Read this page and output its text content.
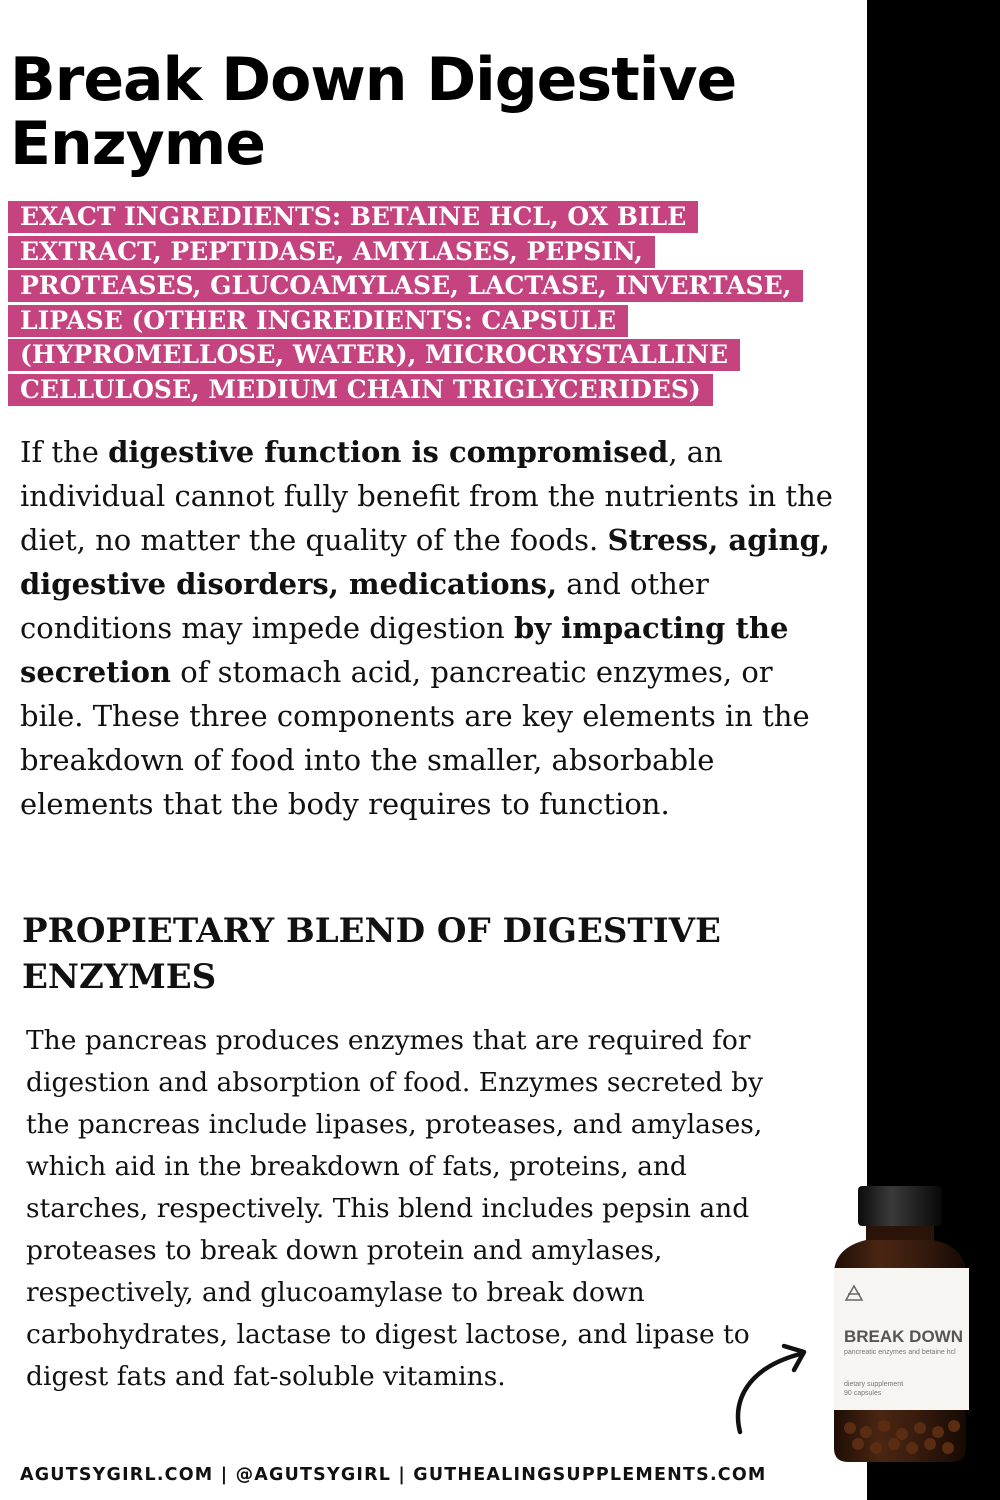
Break Down Digestive
Enzyme
EXACT INGREDIENTS: BETAINE HCL, OX BILE
EXTRACT, PEPTIDASE, AMYLASES, PEPSIN,
PROTEASES, GLUCOAMYLASE, LACTASE, INVERTASE,
LIPASE (OTHER INGREDIENTS: CAPSULE
(HYPROMELLOSE, WATER), MICROCRYSTALLINE
CELLULOSE, MEDIUM CHAIN TRIGLYCERIDES)

If the digestive function is compromised, an individual cannot fully benefit from the nutrients in the diet, no matter the quality of the foods. Stress, aging, digestive disorders, medications, and other conditions may impede digestion by impacting the secretion of stomach acid, pancreatic enzymes, or bile. These three components are key elements in the breakdown of food into the smaller, absorbable elements that the body requires to function.

PROPIETARY BLEND OF DIGESTIVE ENZYMES

The pancreas produces enzymes that are required for digestion and absorption of food. Enzymes secreted by the pancreas include lipases, proteases, and amylases, which aid in the breakdown of fats, proteins, and starches, respectively. This blend includes pepsin and proteases to break down protein and amylases, respectively, and glucoamylase to break down carbohydrates, lactase to digest lactose, and lipase to digest fats and fat-soluble vitamins.

BREAK DOWN
pancreatic enzymes and betaine hcl
dietary supplement
90 capsules
AGUTSYGIRL.COM | @AGUTSYGIRL | GUTHEALINGSUPPLEMENTS.COM
